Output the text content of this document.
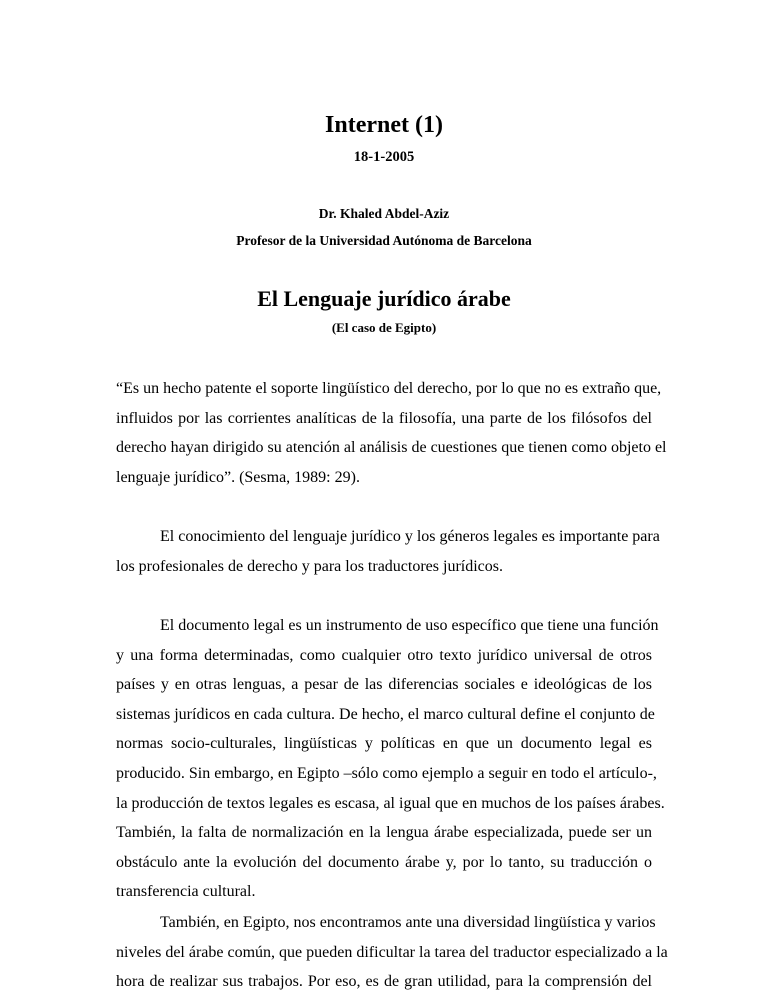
Internet (1)
18-1-2005
Dr. Khaled Abdel-Aziz
Profesor de la Universidad Autónoma de Barcelona
El Lenguaje jurídico árabe
(El caso de Egipto)
“Es un hecho patente el soporte lingüístico del derecho, por lo que no es extraño que,
influidos por las corrientes analíticas de la filosofía, una parte de los filósofos del
derecho hayan dirigido su atención al análisis de cuestiones que tienen como objeto el
lenguaje jurídico”. (Sesma, 1989: 29).
El conocimiento del lenguaje jurídico y los géneros legales es importante para
los profesionales de derecho y para los traductores jurídicos.
El documento legal es un instrumento de uso específico que tiene una función
y una forma determinadas, como cualquier otro texto jurídico universal de otros
países y en otras lenguas, a pesar de las diferencias sociales e ideológicas de los
sistemas jurídicos en cada cultura. De hecho, el marco cultural define el conjunto de
normas socio-culturales, lingüísticas y políticas en que un documento legal es
producido. Sin embargo, en Egipto –sólo como ejemplo a seguir en todo el artículo-,
la producción de textos legales es escasa, al igual que en muchos de los países árabes.
También, la falta de normalización en la lengua árabe especializada, puede ser un
obstáculo ante la evolución del documento árabe y, por lo tanto, su traducción o
transferencia cultural.
También, en Egipto, nos encontramos ante una diversidad lingüística y varios
niveles del árabe común, que pueden dificultar la tarea del traductor especializado a la
hora de realizar sus trabajos. Por eso, es de gran utilidad, para la comprensión del
